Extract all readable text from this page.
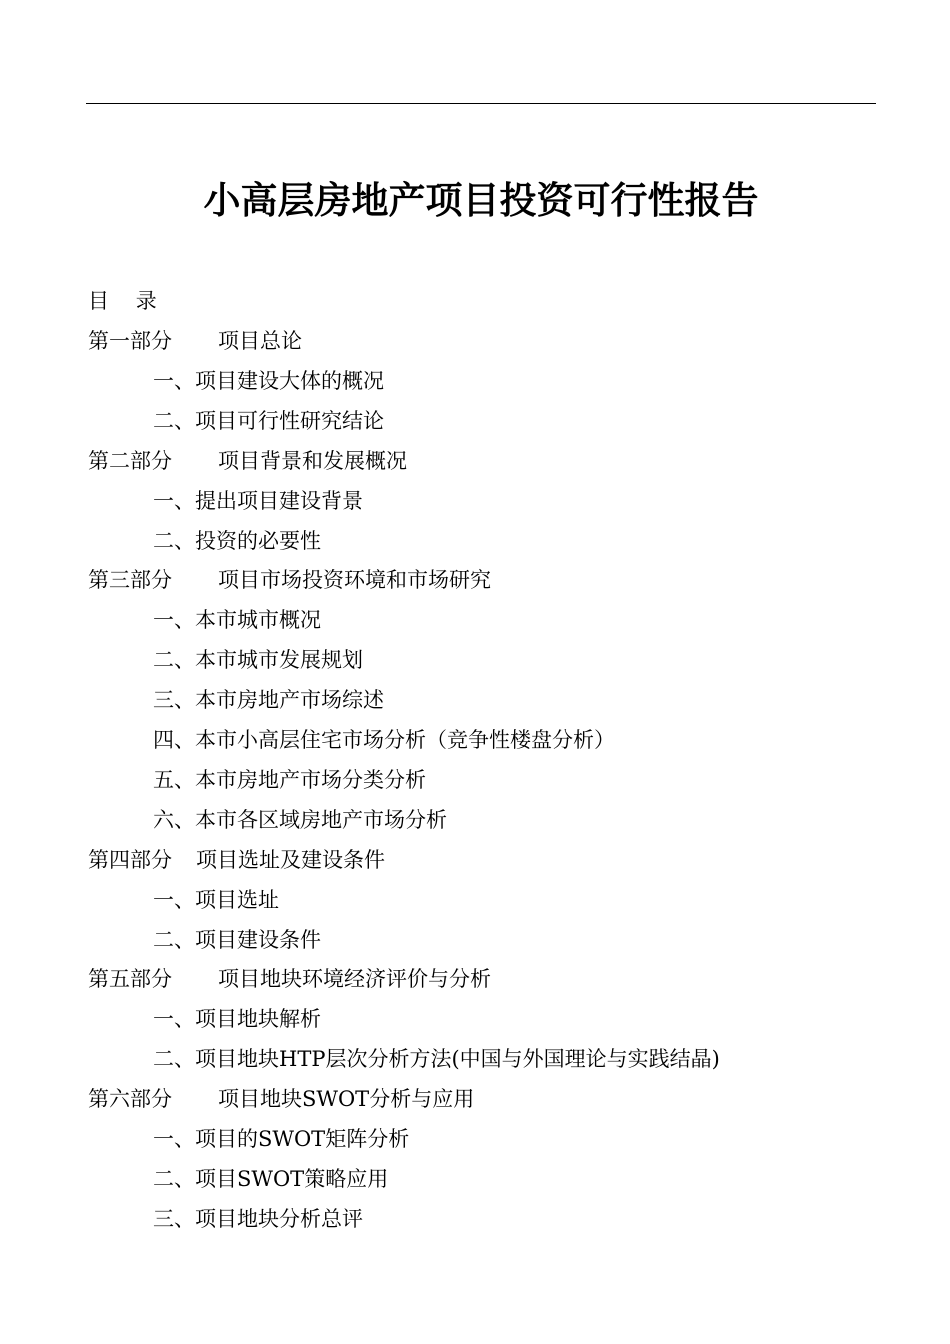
小高层房地产项目投资可行性报告
目    录
第一部分 项目总论
一、项目建设大体的概况
二、项目可行性研究结论
第二部分 项目背景和发展概况
一、提出项目建设背景
二、投资的必要性
第三部分 项目市场投资环境和市场研究
一、本市城市概况
二、本市城市发展规划
三、本市房地产市场综述
四、本市小高层住宅市场分析（竞争性楼盘分析）
五、本市房地产市场分类分析
六、本市各区域房地产市场分析
第四部分 项目选址及建设条件
一、项目选址
二、项目建设条件
第五部分 项目地块环境经济评价与分析
一、项目地块解析
二、项目地块HTP层次分析方法(中国与外国理论与实践结晶)
第六部分 项目地块SWOT分析与应用
一、项目的SWOT矩阵分析
二、项目SWOT策略应用
三、项目地块分析总评
